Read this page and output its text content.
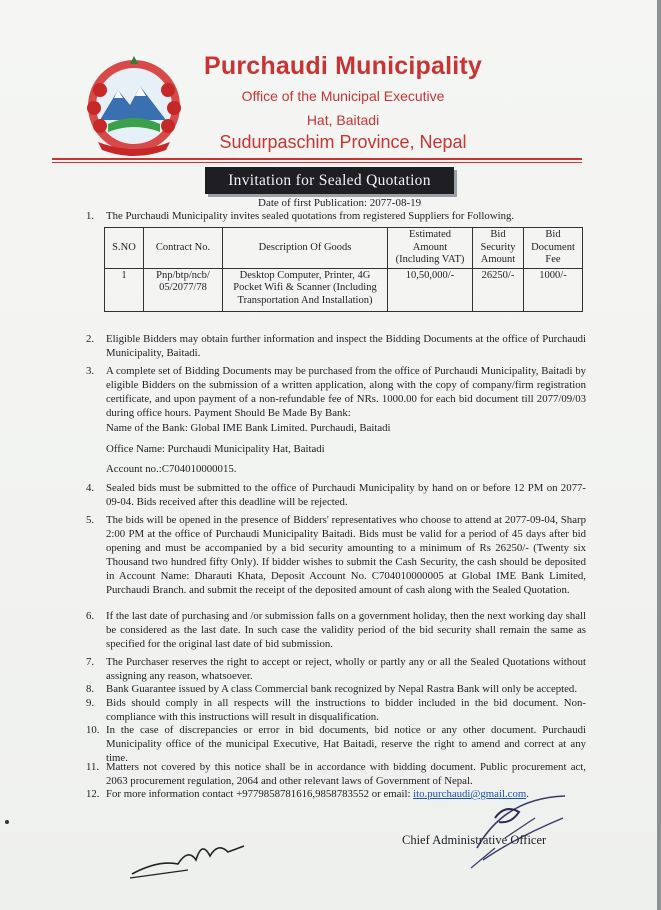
Purchaudi Municipality
Office of the Municipal Executive
Hat, Baitadi
Sudurpaschim Province, Nepal
Invitation for Sealed Quotation
Date of first Publication: 2077-08-19
1.	The Purchaudi Municipality invites sealed quotations from registered Suppliers for Following.
S.NO	Contract No.	Description Of Goods	Estimated Amount (Including VAT)	Bid Security Amount	Bid Document Fee
1	Pnp/btp/ncb/ 05/2077/78	Desktop Computer, Printer, 4G Pocket Wifi & Scanner (Including Transportation And Installation)	10,50,000/-	26250/-	1000/-
2.	Eligible Bidders may obtain further information and inspect the Bidding Documents at the office of Purchaudi Municipality, Baitadi.
3.	A complete set of Bidding Documents may be purchased from the office of Purchaudi Municipality, Baitadi by eligible Bidders on the submission of a written application, along with the copy of company/firm registration certificate, and upon payment of a non-refundable fee of NRs. 1000.00 for each bid document till 2077/09/03 during office hours. Payment Should Be Made By Bank:
Name of the Bank: Global IME Bank Limited. Purchaudi, Baitadi
Office Name: Purchaudi Municipality Hat, Baitadi
Account no.:C704010000015.
4.	Sealed bids must be submitted to the office of Purchaudi Municipality by hand on or before 12 PM on 2077-09-04. Bids received after this deadline will be rejected.
5.	The bids will be opened in the presence of Bidders' representatives who choose to attend at 2077-09-04, Sharp 2:00 PM at the office of Purchaudi Municipality Baitadi. Bids must be valid for a period of 45 days after bid opening and must be accompanied by a bid security amounting to a minimum of Rs 26250/- (Twenty six Thousand two hundred fifty Only). If bidder wishes to submit the Cash Security, the cash should be deposited in Account Name: Dharauti Khata, Deposit Account No. C704010000005 at Global IME Bank Limited, Purchaudi Branch. and submit the receipt of the deposited amount of cash along with the Sealed Quotation.
6.	If the last date of purchasing and /or submission falls on a government holiday, then the next working day shall be considered as the last date. In such case the validity period of the bid security shall remain the same as specified for the original last date of bid submission.
7.	The Purchaser reserves the right to accept or reject, wholly or partly any or all the Sealed Quotations without assigning any reason, whatsoever.
8.	Bank Guarantee issued by A class Commercial bank recognized by Nepal Rastra Bank will only be accepted.
9.	Bids should comply in all respects will the instructions to bidder included in the bid document. Non-compliance with this instructions will result in disqualification.
10. In the case of discrepancies or error in bid documents, bid notice or any other document. Purchaudi Municipality office of the municipal Executive, Hat Baitadi, reserve the right to amend and correct at any time.
11. Matters not covered by this notice shall be in accordance with bidding document. Public procurement act, 2063 procurement regulation, 2064 and other relevant laws of Government of Nepal.
12. For more information contact +9779858781616,9858783552 or email: ito.purchaudi@gmail.com.
Chief Administrative Officer
